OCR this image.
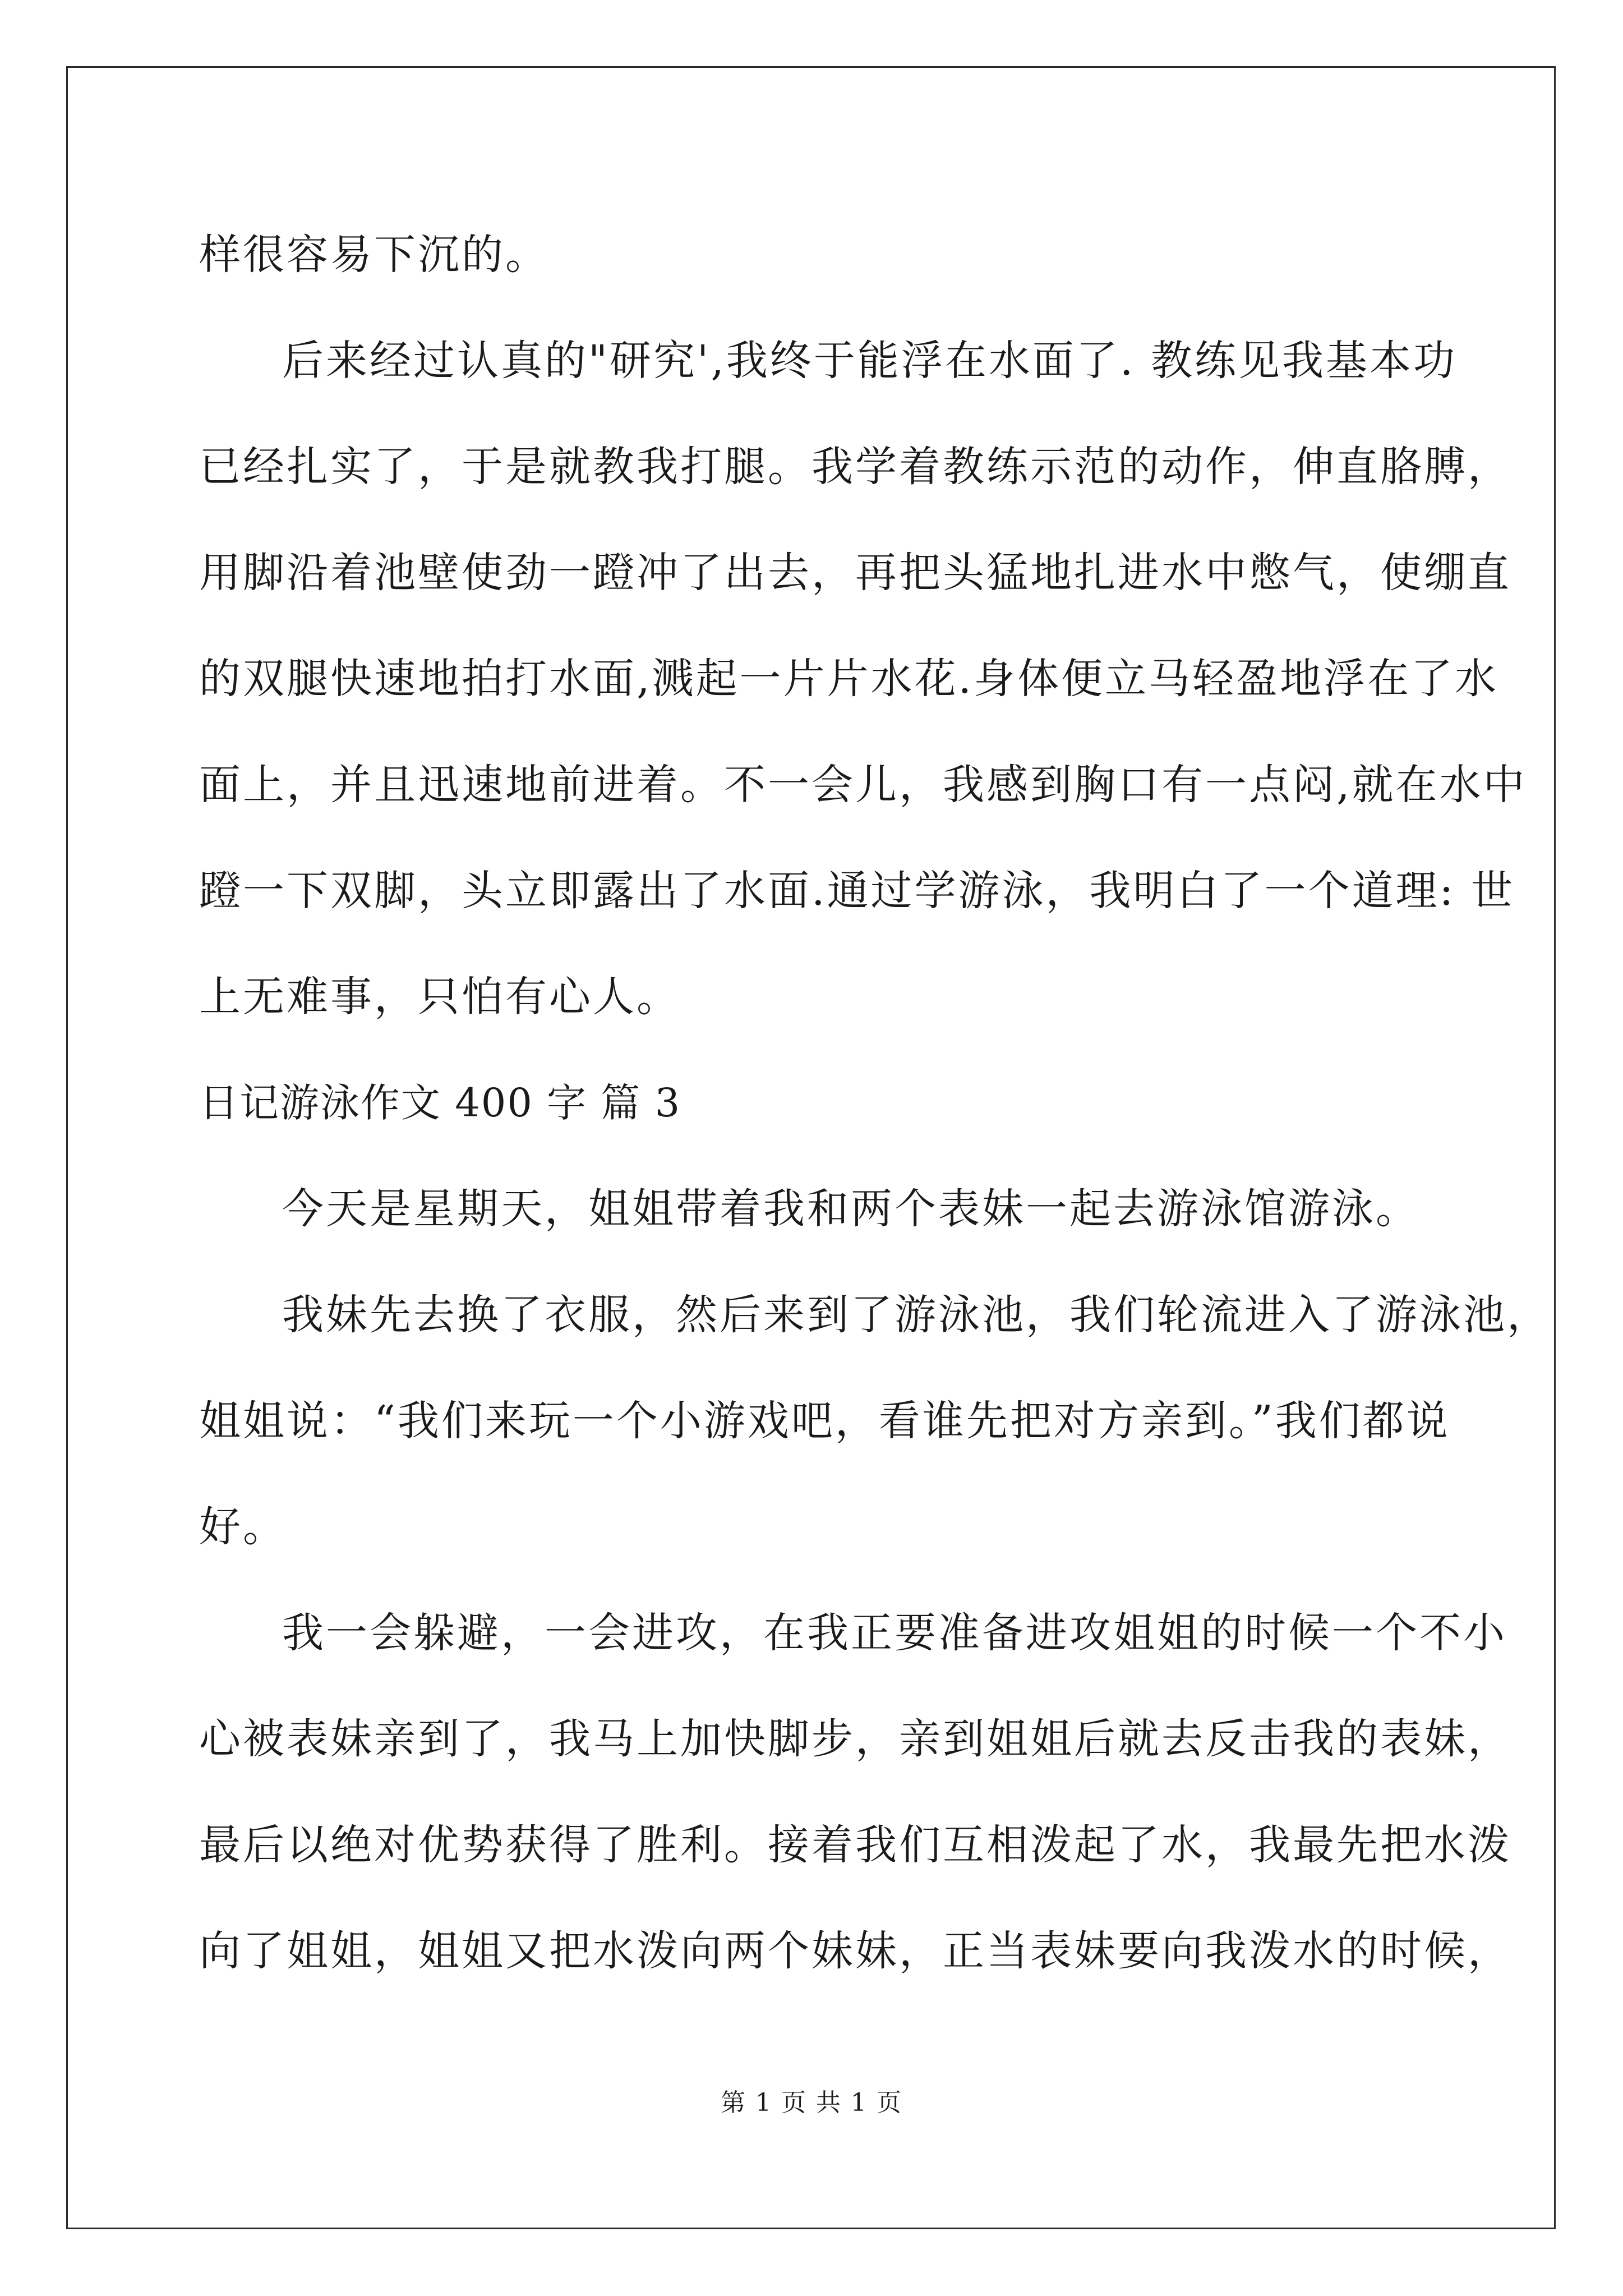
样很容易下沉的。
后来经过认真的"研究',我终于能浮在水面了. 教练见我基本功
已经扎实了，于是就教我打腿。我学着教练示范的动作，伸直胳膊，
用脚沿着池壁使劲一蹬冲了出去，再把头猛地扎进水中憋气，使绷直
的双腿快速地拍打水面,溅起一片片水花.身体便立马轻盈地浮在了水
面上，并且迅速地前进着。不一会儿，我感到胸口有一点闷,就在水中
蹬一下双脚，头立即露出了水面.通过学游泳，我明白了一个道理: 世
上无难事，只怕有心人。
日记游泳作文 400 字 篇 3
今天是星期天，姐姐带着我和两个表妹一起去游泳馆游泳。
我妹先去换了衣服，然后来到了游泳池，我们轮流进入了游泳池，
姐姐说：“我们来玩一个小游戏吧，看谁先把对方亲到。”我们都说
好。
我一会躲避，一会进攻，在我正要准备进攻姐姐的时候一个不小
心被表妹亲到了，我马上加快脚步，亲到姐姐后就去反击我的表妹，
最后以绝对优势获得了胜利。接着我们互相泼起了水，我最先把水泼
向了姐姐，姐姐又把水泼向两个妹妹，正当表妹要向我泼水的时候，
第 1 页 共 1 页
